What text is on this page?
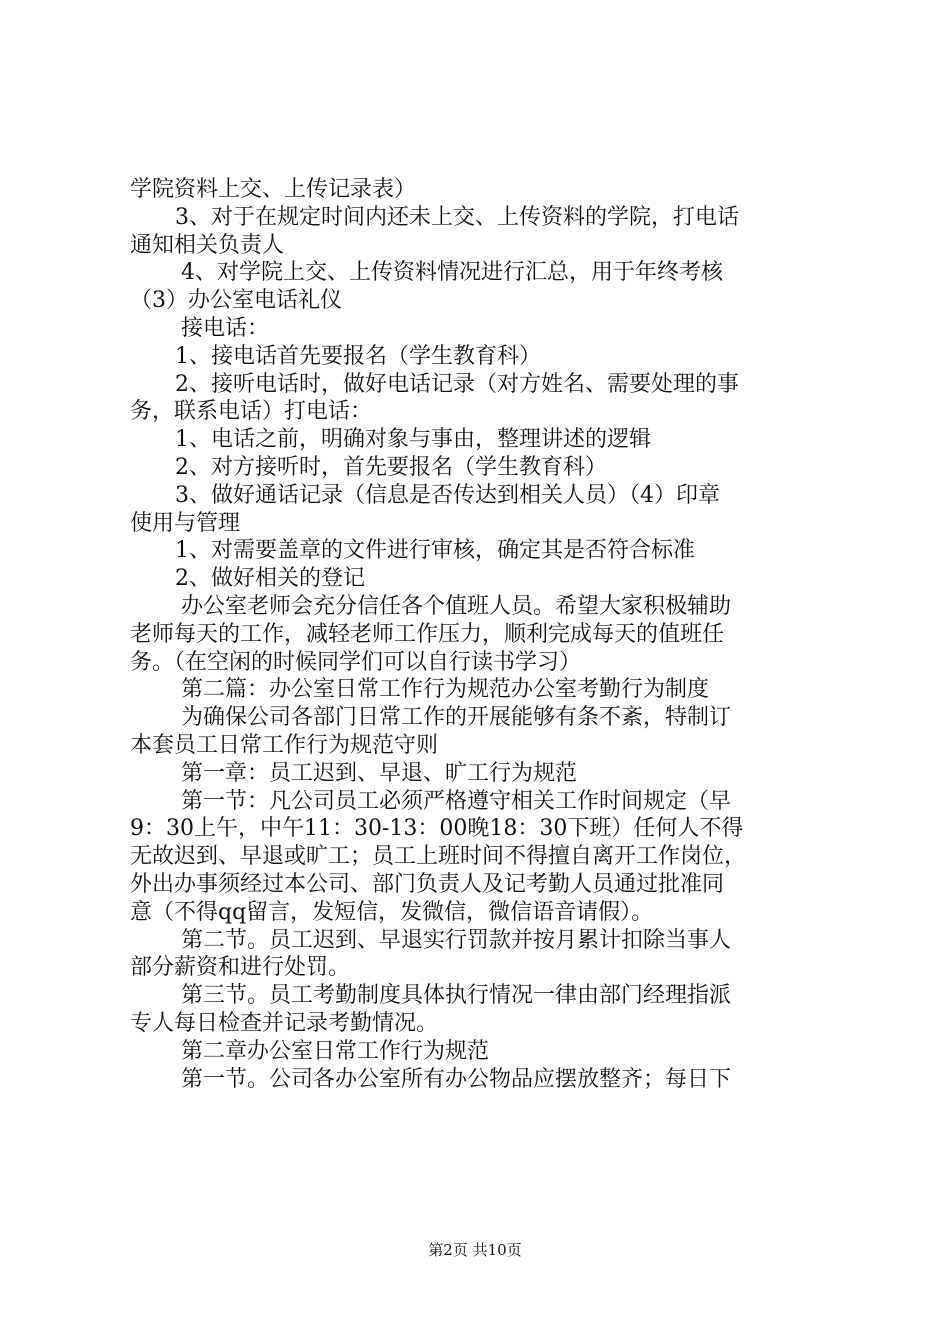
学院资料上交、上传记录表）
3、对于在规定时间内还未上交、上传资料的学院，打电话
通知相关负责人
4、对学院上交、上传资料情况进行汇总，用于年终考核
（3）办公室电话礼仪
接电话：
1、接电话首先要报名（学生教育科）
2、接听电话时，做好电话记录（对方姓名、需要处理的事
务，联系电话）打电话：
1、电话之前，明确对象与事由，整理讲述的逻辑
2、对方接听时，首先要报名（学生教育科）
3、做好通话记录（信息是否传达到相关人员）（4）印章
使用与管理
1、对需要盖章的文件进行审核，确定其是否符合标准
2、做好相关的登记
办公室老师会充分信任各个值班人员。希望大家积极辅助
老师每天的工作，减轻老师工作压力，顺利完成每天的值班任
务。（在空闲的时候同学们可以自行读书学习）
第二篇：办公室日常工作行为规范办公室考勤行为制度
为确保公司各部门日常工作的开展能够有条不紊，特制订
本套员工日常工作行为规范守则
第一章：员工迟到、早退、旷工行为规范
第一节：凡公司员工必须严格遵守相关工作时间规定（早
9：30上午，中午11：30-13：00晚18：30下班）任何人不得
无故迟到、早退或旷工；员工上班时间不得擅自离开工作岗位，
外出办事须经过本公司、部门负责人及记考勤人员通过批准同
意（不得qq留言，发短信，发微信，微信语音请假）。
第二节。员工迟到、早退实行罚款并按月累计扣除当事人
部分薪资和进行处罚。
第三节。员工考勤制度具体执行情况一律由部门经理指派
专人每日检查并记录考勤情况。
第二章办公室日常工作行为规范
第一节。公司各办公室所有办公物品应摆放整齐；每日下
第2页 共10页
